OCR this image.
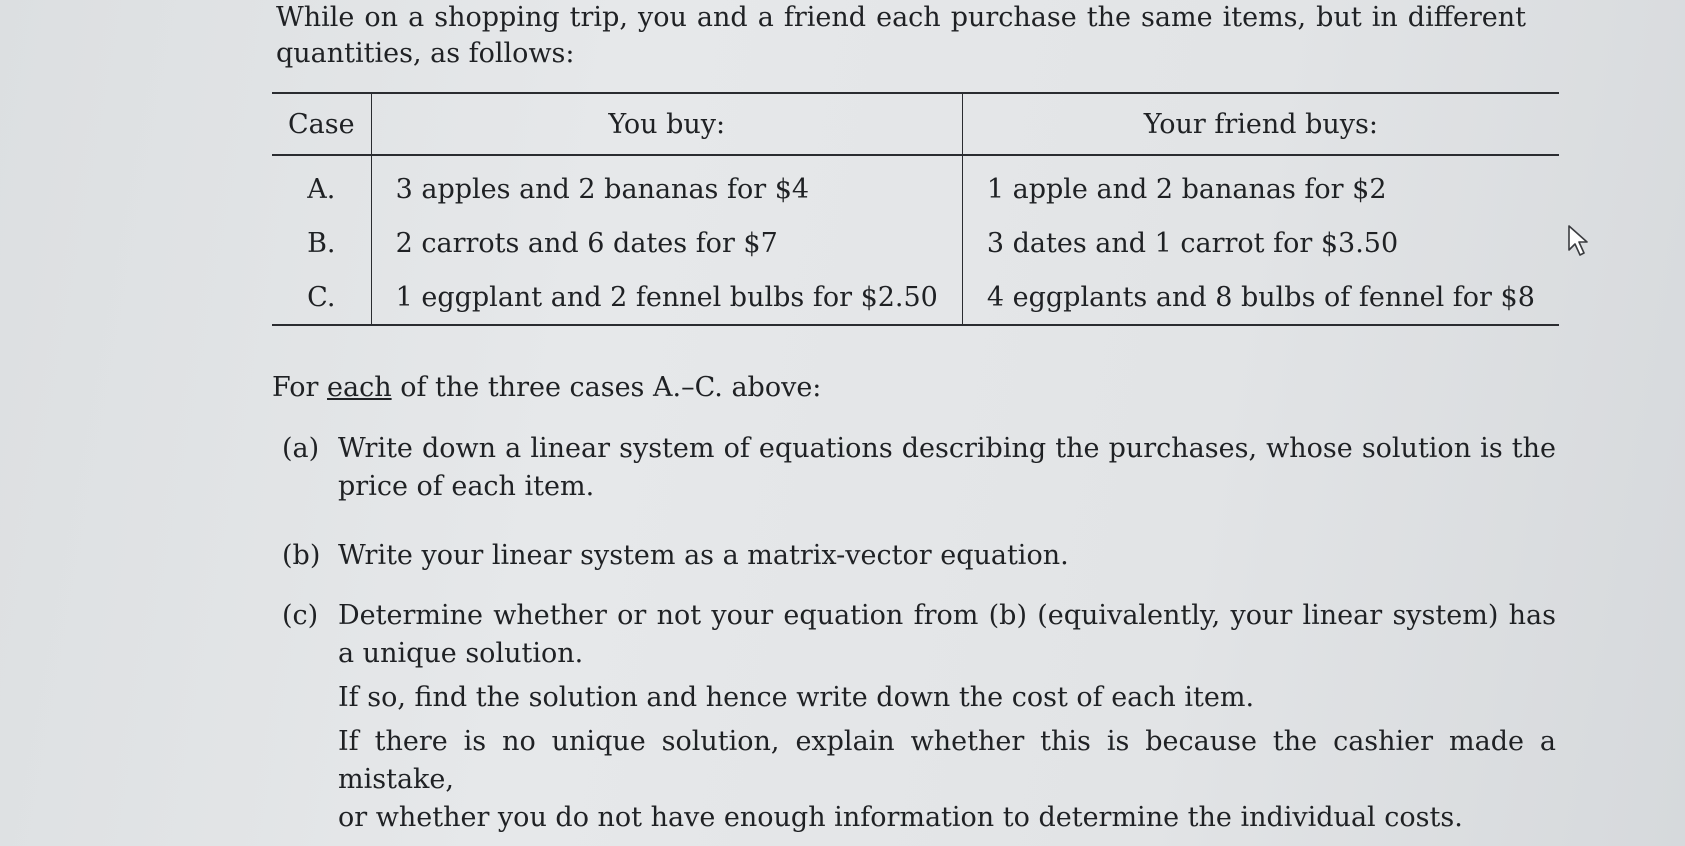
While on a shopping trip, you and a friend each purchase the same items, but in different
quantities, as follows:
Case	You buy:	Your friend buys:
A.	3 apples and 2 bananas for $4	1 apple and 2 bananas for $2
B.	2 carrots and 6 dates for $7	3 dates and 1 carrot for $3.50
C.	1 eggplant and 2 fennel bulbs for $2.50	4 eggplants and 8 bulbs of fennel for $8
For each of the three cases A.–C. above:
(a) Write down a linear system of equations describing the purchases, whose solution is the
price of each item.
(b) Write your linear system as a matrix-vector equation.
(c) Determine whether or not your equation from (b) (equivalently, your linear system) has
a unique solution.
If so, find the solution and hence write down the cost of each item.
If there is no unique solution, explain whether this is because the cashier made a mistake,
or whether you do not have enough information to determine the individual costs.
